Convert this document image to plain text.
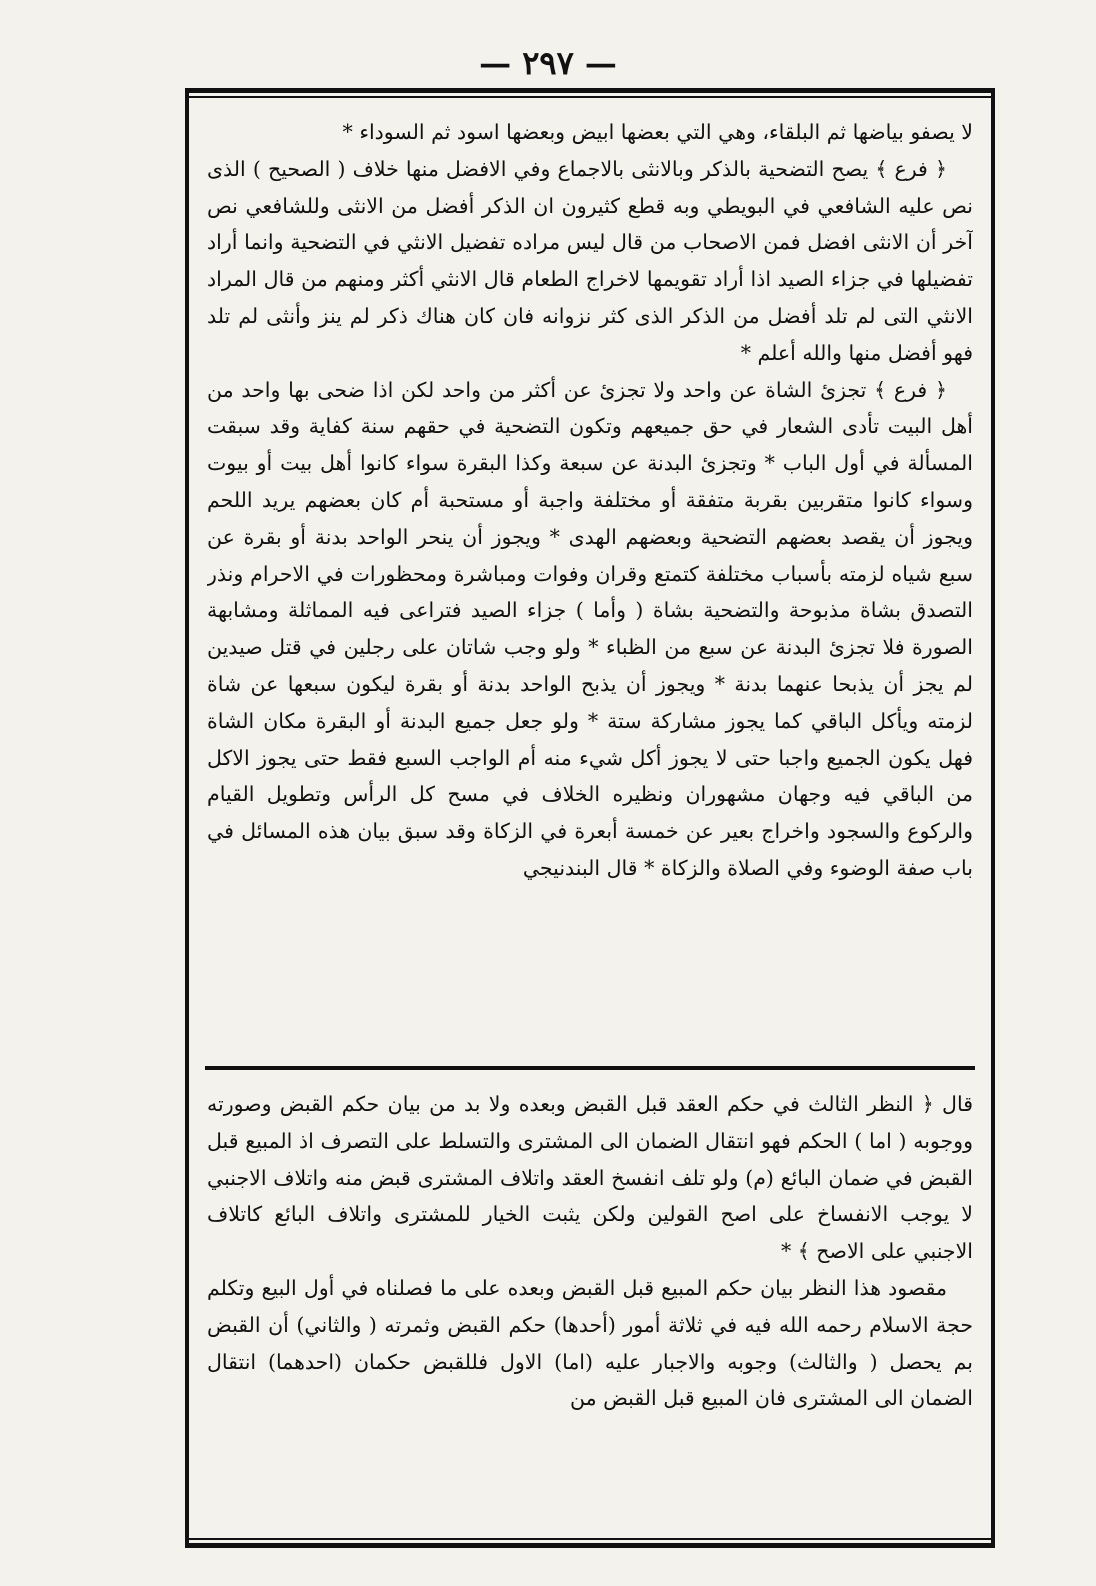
— ٢٩٧ —

لا يصفو بياضها ثم البلقاء، وهي التي بعضها ابيض وبعضها اسود ثم السوداء *

﴿ فرع ﴾ يصح التضحية بالذكر وبالانثى بالاجماع وفي الافضل منها خلاف ( الصحيح ) الذى نص عليه الشافعي في البويطي وبه قطع كثيرون ان الذكر أفضل من الانثى وللشافعي نص آخر أن الانثى افضل فمن الاصحاب من قال ليس مراده تفضيل الانثي في التضحية وانما أراد تفضيلها في جزاء الصيد اذا أراد تقويمها لاخراج الطعام قال الانثي أكثر ومنهم من قال المراد الانثي التى لم تلد أفضل من الذكر الذى كثر نزوانه فان كان هناك ذكر لم ينز وأنثى لم تلد فهو أفضل منها والله أعلم *

﴿ فرع ﴾ تجزئ الشاة عن واحد ولا تجزئ عن أكثر من واحد لكن اذا ضحى بها واحد من أهل البيت تأدى الشعار في حق جميعهم وتكون التضحية في حقهم سنة كفاية وقد سبقت المسألة في أول الباب * وتجزئ البدنة عن سبعة وكذا البقرة سواء كانوا أهل بيت أو بيوت وسواء كانوا متقربين بقربة متفقة أو مختلفة واجبة أو مستحبة أم كان بعضهم يريد اللحم ويجوز أن يقصد بعضهم التضحية وبعضهم الهدى * ويجوز أن ينحر الواحد بدنة أو بقرة عن سبع شياه لزمته بأسباب مختلفة كتمتع وقران وفوات ومباشرة ومحظورات في الاحرام ونذر التصدق بشاة مذبوحة والتضحية بشاة ( وأما ) جزاء الصيد فتراعى فيه المماثلة ومشابهة الصورة فلا تجزئ البدنة عن سبع من الظباء * ولو وجب شاتان على رجلين في قتل صيدين لم يجز أن يذبحا عنهما بدنة * ويجوز أن يذبح الواحد بدنة أو بقرة ليكون سبعها عن شاة لزمته ويأكل الباقي كما يجوز مشاركة ستة * ولو جعل جميع البدنة أو البقرة مكان الشاة فهل يكون الجميع واجبا حتى لا يجوز أكل شيء منه أم الواجب السبع فقط حتى يجوز الاكل من الباقي فيه وجهان مشهوران ونظيره الخلاف في مسح كل الرأس وتطويل القيام والركوع والسجود واخراج بعير عن خمسة أبعرة في الزكاة وقد سبق بيان هذه المسائل في باب صفة الوضوء وفي الصلاة والزكاة * قال البندنيجي

قال ﴿ النظر الثالث في حكم العقد قبل القبض وبعده ولا بد من بيان حكم القبض وصورته ووجوبه ( اما ) الحكم فهو انتقال الضمان الى المشترى والتسلط على التصرف اذ المبيع قبل القبض في ضمان البائع (م) ولو تلف انفسخ العقد واتلاف المشترى قبض منه واتلاف الاجنبي لا يوجب الانفساخ على اصح القولين ولكن يثبت الخيار للمشترى واتلاف البائع كاتلاف الاجنبي على الاصح ﴾ *

مقصود هذا النظر بيان حكم المبيع قبل القبض وبعده على ما فصلناه في أول البيع وتكلم حجة الاسلام رحمه الله فيه في ثلاثة أمور (أحدها) حكم القبض وثمرته ( والثاني) أن القبض بم يحصل ( والثالث) وجوبه والاجبار عليه (اما) الاول فللقبض حكمان (احدهما) انتقال الضمان الى المشترى فان المبيع قبل القبض من
